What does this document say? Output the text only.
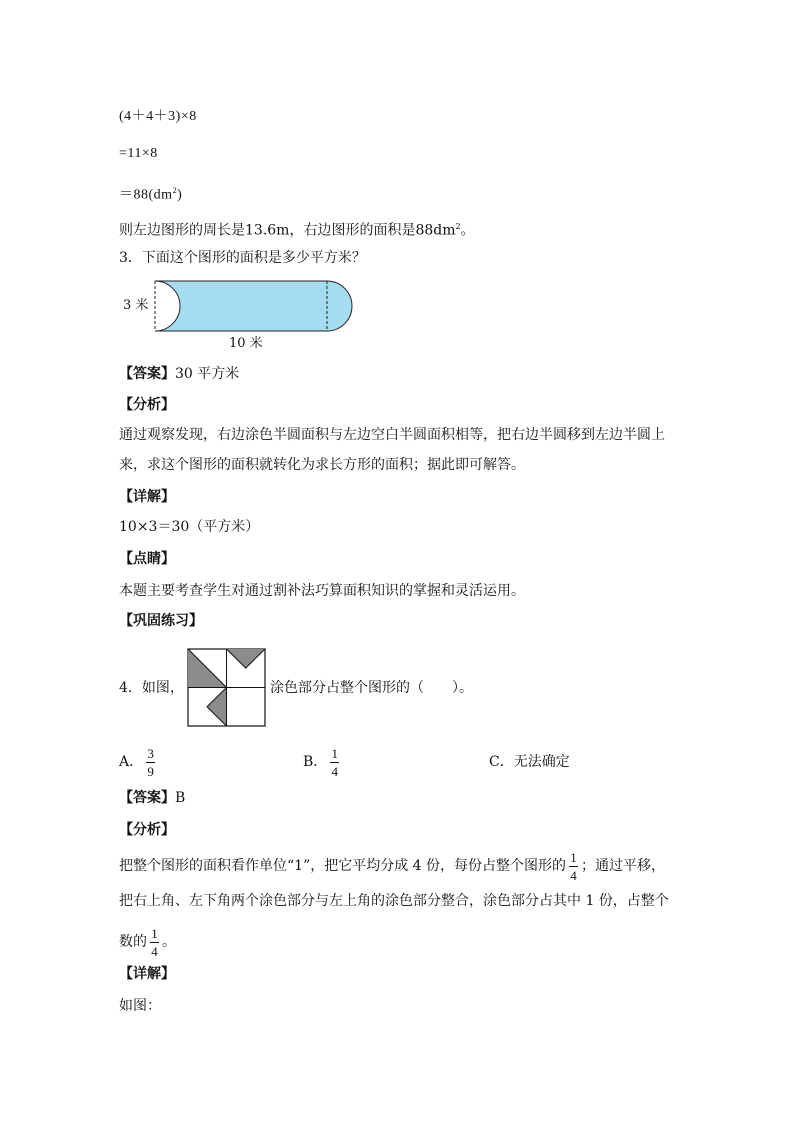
(4＋4＋3)×8
=11×8
$=88(dm^2)$
则左边图形的周长是13.6m，右边图形的面积是$88dm^2$。
3．下面这个图形的面积是多少平方米？
3 米
10 米
【答案】30 平方米
【分析】
通过观察发现，右边涂色半圆面积与左边空白半圆面积相等，把右边半圆移到左边半圆上
来，求这个图形的面积就转化为求长方形的面积；据此即可解答。
【详解】
10×3＝30（平方米）
【点睛】
本题主要考查学生对通过割补法巧算面积知识的掌握和灵活运用。
【巩固练习】
4．如图，	涂色部分占整个图形的（　　）。
A． $\frac{3}{9}$	B． $\frac{1}{4}$	C．无法确定
【答案】B
【分析】
把整个图形的面积看作单位“1”，把它平均分成 4 份，每份占整个图形的 $\frac{1}{4}$ ；通过平移，
把右上角、左下角两个涂色部分与左上角的涂色部分整合，涂色部分占其中 1 份，占整个
数的 $\frac{1}{4}$ 。
【详解】
如图：
